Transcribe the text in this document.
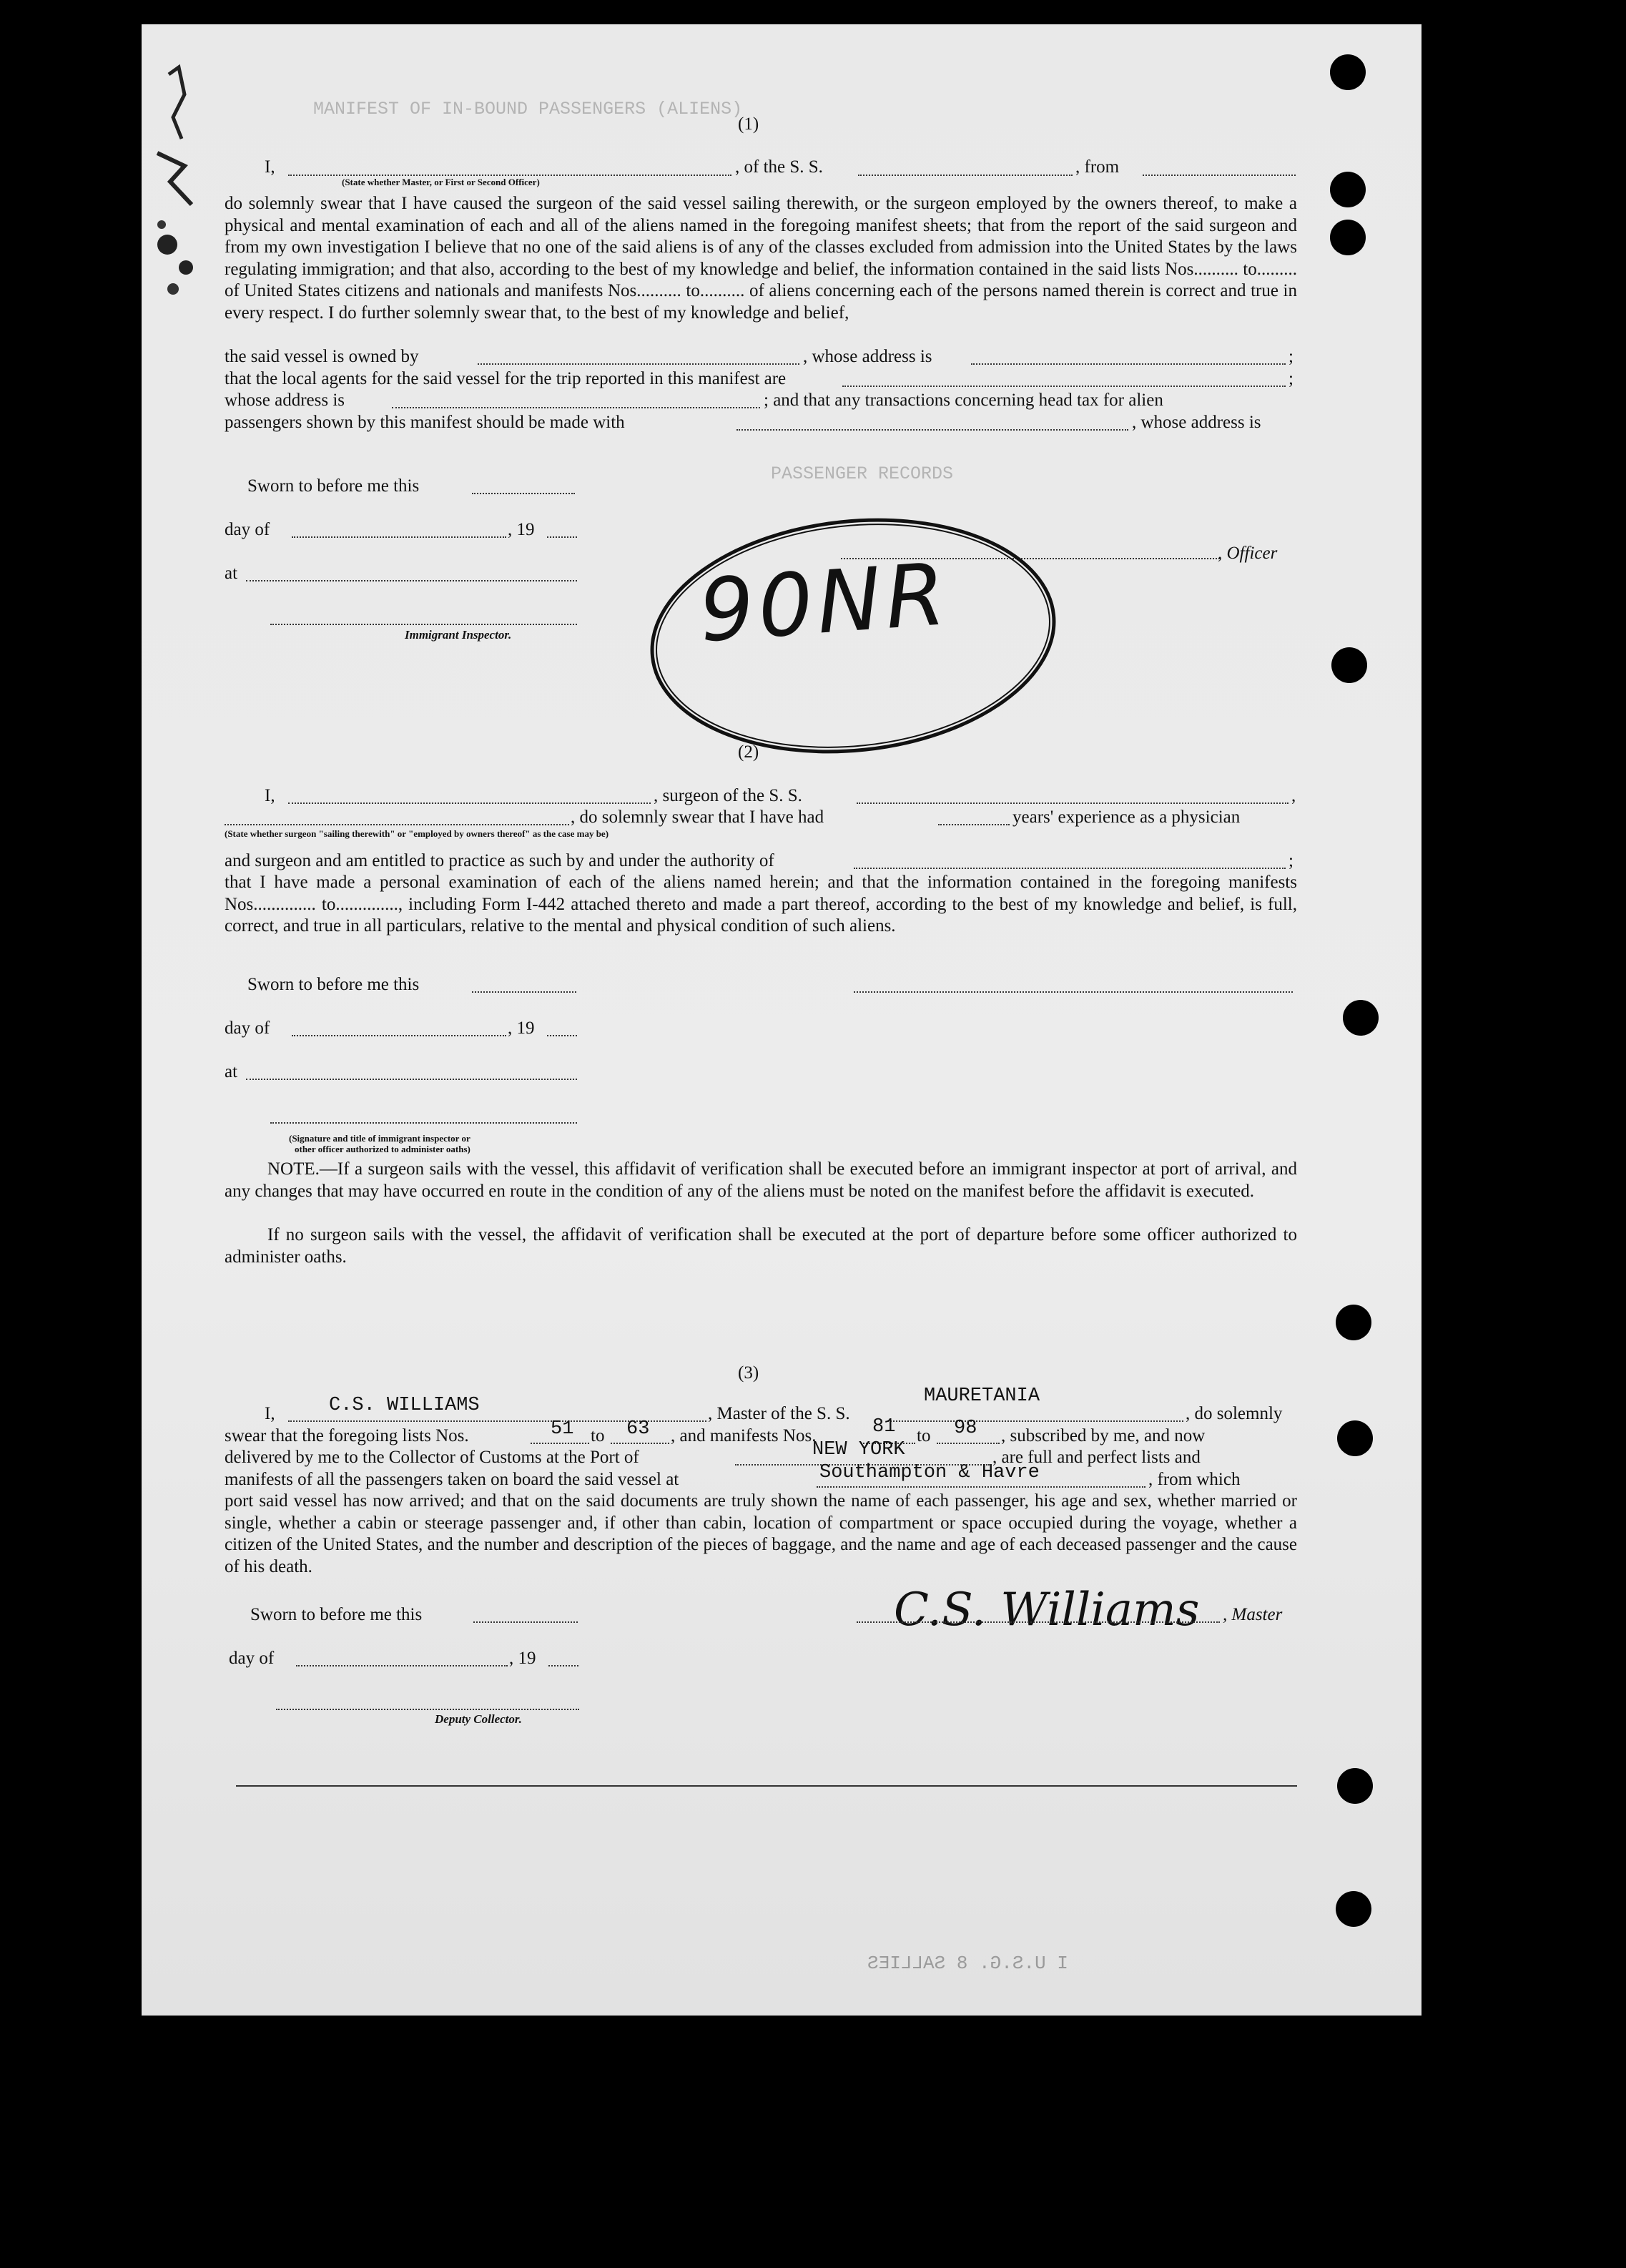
MANIFEST OF IN-BOUND PASSENGERS (ALIENS)
PASSENGER RECORDS
(1)
I,	, of the S. S.	, from
(State whether Master, or First or Second Officer)
do solemnly swear that I have caused the surgeon of the said vessel sailing therewith, or the surgeon employed by the owners thereof, to make a physical and mental examination of each and all of the aliens named in the foregoing manifest sheets; that from the report of the said surgeon and from my own investigation I believe that no one of the said aliens is of any of the classes excluded from admission into the United States by the laws regulating immigration; and that also, according to the best of my knowledge and belief, the information contained in the said lists Nos.......... to......... of United States citizens and nationals and manifests Nos.......... to.......... of aliens concerning each of the persons named therein is correct and true in every respect. I do further solemnly swear that, to the best of my knowledge and belief,
the said vessel is owned by	, whose address is	;
that the local agents for the said vessel for the trip reported in this manifest are	;
whose address is	; and that any transactions concerning head tax for alien
passengers shown by this manifest should be made with	, whose address is
Sworn to before me this
day of	, 19
at
Immigrant Inspector.
, Officer
90NR
(2)
I,	, surgeon of the S. S.	,
, do solemnly swear that I have had	years' experience as a physician
(State whether surgeon "sailing therewith" or "employed by owners thereof" as the case may be)
and surgeon and am entitled to practice as such by and under the authority of	;
that I have made a personal examination of each of the aliens named herein; and that the information contained in the foregoing manifests Nos.............. to.............., including Form I-442 attached thereto and made a part thereof, according to the best of my knowledge and belief, is full, correct, and true in all particulars, relative to the mental and physical condition of such aliens.
Sworn to before me this
day of	, 19
at
(Signature and title of immigrant inspector or
other officer authorized to administer oaths)
NOTE.—If a surgeon sails with the vessel, this affidavit of verification shall be executed before an immigrant inspector at port of arrival, and any changes that may have occurred en route in the condition of any of the aliens must be noted on the manifest before the affidavit is executed.
If no surgeon sails with the vessel, the affidavit of verification shall be executed at the port of departure before some officer authorized to administer oaths.
(3)
I,	C.S. WILLIAMS	, Master of the S. S.
MAURETANIA
, do solemnly
swear that the foregoing lists Nos.	51 to 63 , and manifests Nos.	81 to 98 , subscribed by me, and now
delivered by me to the Collector of Customs at the Port of	NEW YORK	, are full and perfect lists and
manifests of all the passengers taken on board the said vessel at	Southampton & Havre	, from which
port said vessel has now arrived; and that on the said documents are truly shown the name of each passenger, his age and sex, whether married or single, whether a cabin or steerage passenger and, if other than cabin, location of compartment or space occupied during the voyage, whether a citizen of the United States, and the number and description of the pieces of baggage, and the name and age of each deceased passenger and the cause of his death.
Sworn to before me this	C.S. Williams , Master
day of	, 19
Deputy Collector.
I U.S.G. 8 SALLIES
